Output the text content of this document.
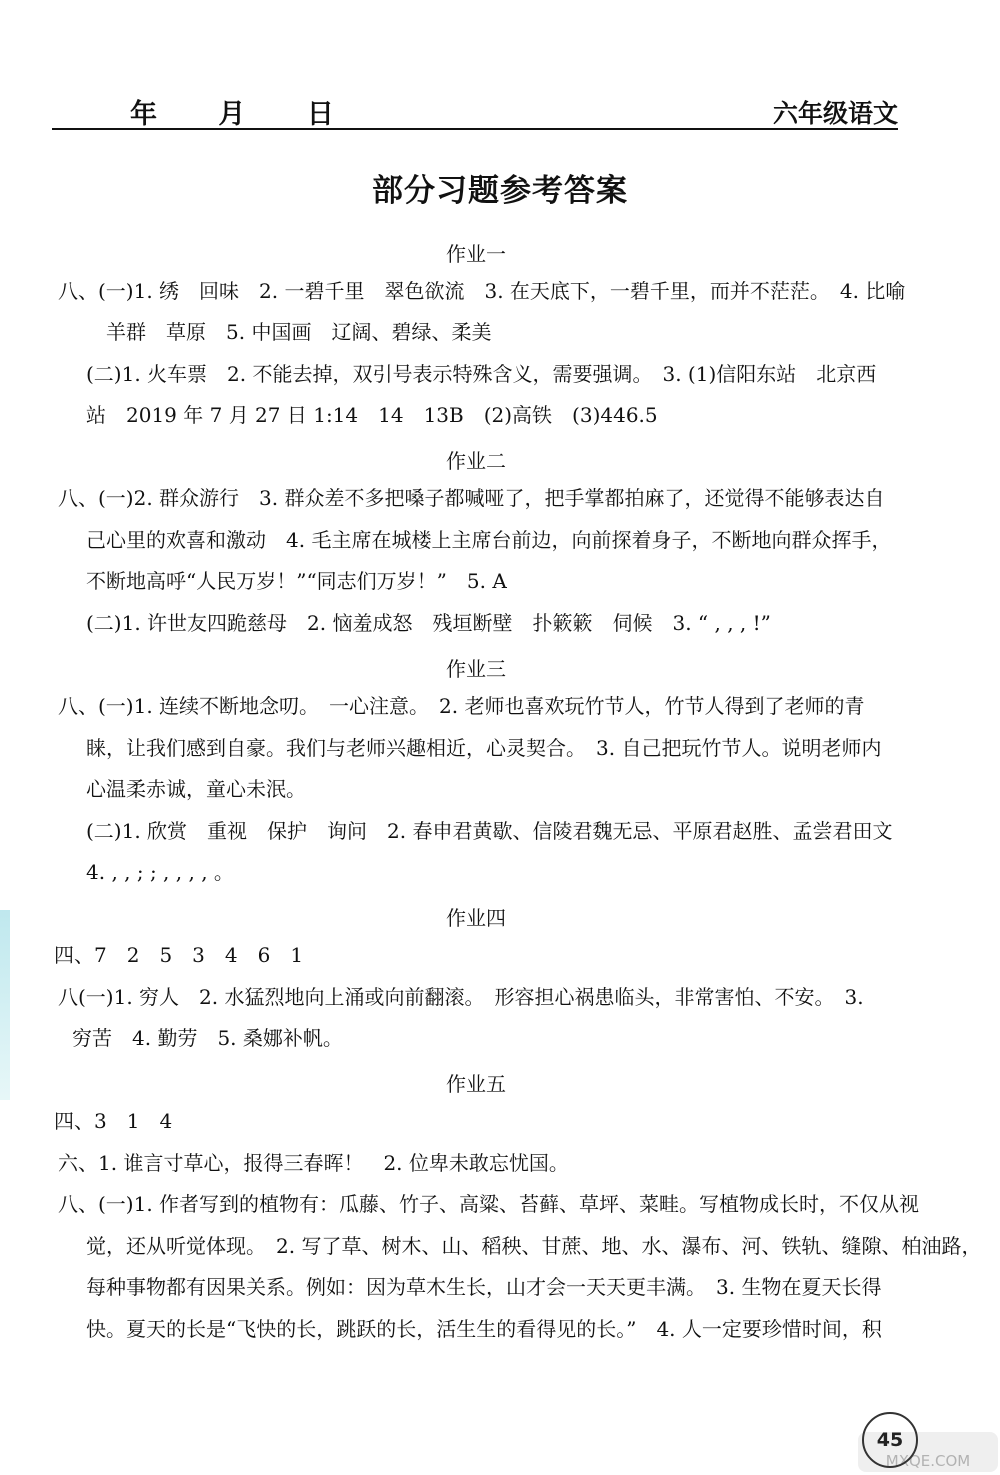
年 月 日	六年级语文
部分习题参考答案
作业一
八、(一)1. 绣　回味　2. 一碧千里　翠色欲流　3. 在天底下，一碧千里，而并不茫茫。　4. 比喻
羊群　草原　5. 中国画　辽阔、碧绿、柔美
(二)1. 火车票　2. 不能去掉，双引号表示特殊含义，需要强调。　3. (1)信阳东站　北京西
站　2019 年 7 月 27 日 1:14　14　13B　(2)高铁　(3)446.5
作业二
八、(一)2. 群众游行　3. 群众差不多把嗓子都喊哑了，把手掌都拍麻了，还觉得不能够表达自
己心里的欢喜和激动　4. 毛主席在城楼上主席台前边，向前探着身子，不断地向群众挥手，
不断地高呼“人民万岁！”“同志们万岁！”　5. A
(二)1. 许世友四跪慈母　2. 恼羞成怒　残垣断壁　扑簌簌　伺候　3. “ , , , !”
作业三
八、(一)1. 连续不断地念叨。　一心注意。　2. 老师也喜欢玩竹节人，竹节人得到了老师的青
睐，让我们感到自豪。我们与老师兴趣相近，心灵契合。　3. 自己把玩竹节人。说明老师内
心温柔赤诚，童心未泯。
(二)1. 欣赏　重视　保护　询问　2. 春申君黄歇、信陵君魏无忌、平原君赵胜、孟尝君田文
4. , , ; ; , , , , 。
作业四
四、7　2　5　3　4　6　1
八(一)1. 穷人　2. 水猛烈地向上涌或向前翻滚。　形容担心祸患临头，非常害怕、不安。　3.
穷苦　4. 勤劳　5. 桑娜补帆。
作业五
四、3　1　4
六、1. 谁言寸草心，报得三春晖！　2. 位卑未敢忘忧国。
八、(一)1. 作者写到的植物有：瓜藤、竹子、高粱、苔藓、草坪、菜畦。写植物成长时，不仅从视
觉，还从听觉体现。　2. 写了草、树木、山、稻秧、甘蔗、地、水、瀑布、河、铁轨、缝隙、柏油路，
每种事物都有因果关系。例如：因为草木生长，山才会一天天更丰满。　3. 生物在夏天长得
快。夏天的长是“飞快的长，跳跃的长，活生生的看得见的长。”　4. 人一定要珍惜时间，积
MXQE.COM
45
